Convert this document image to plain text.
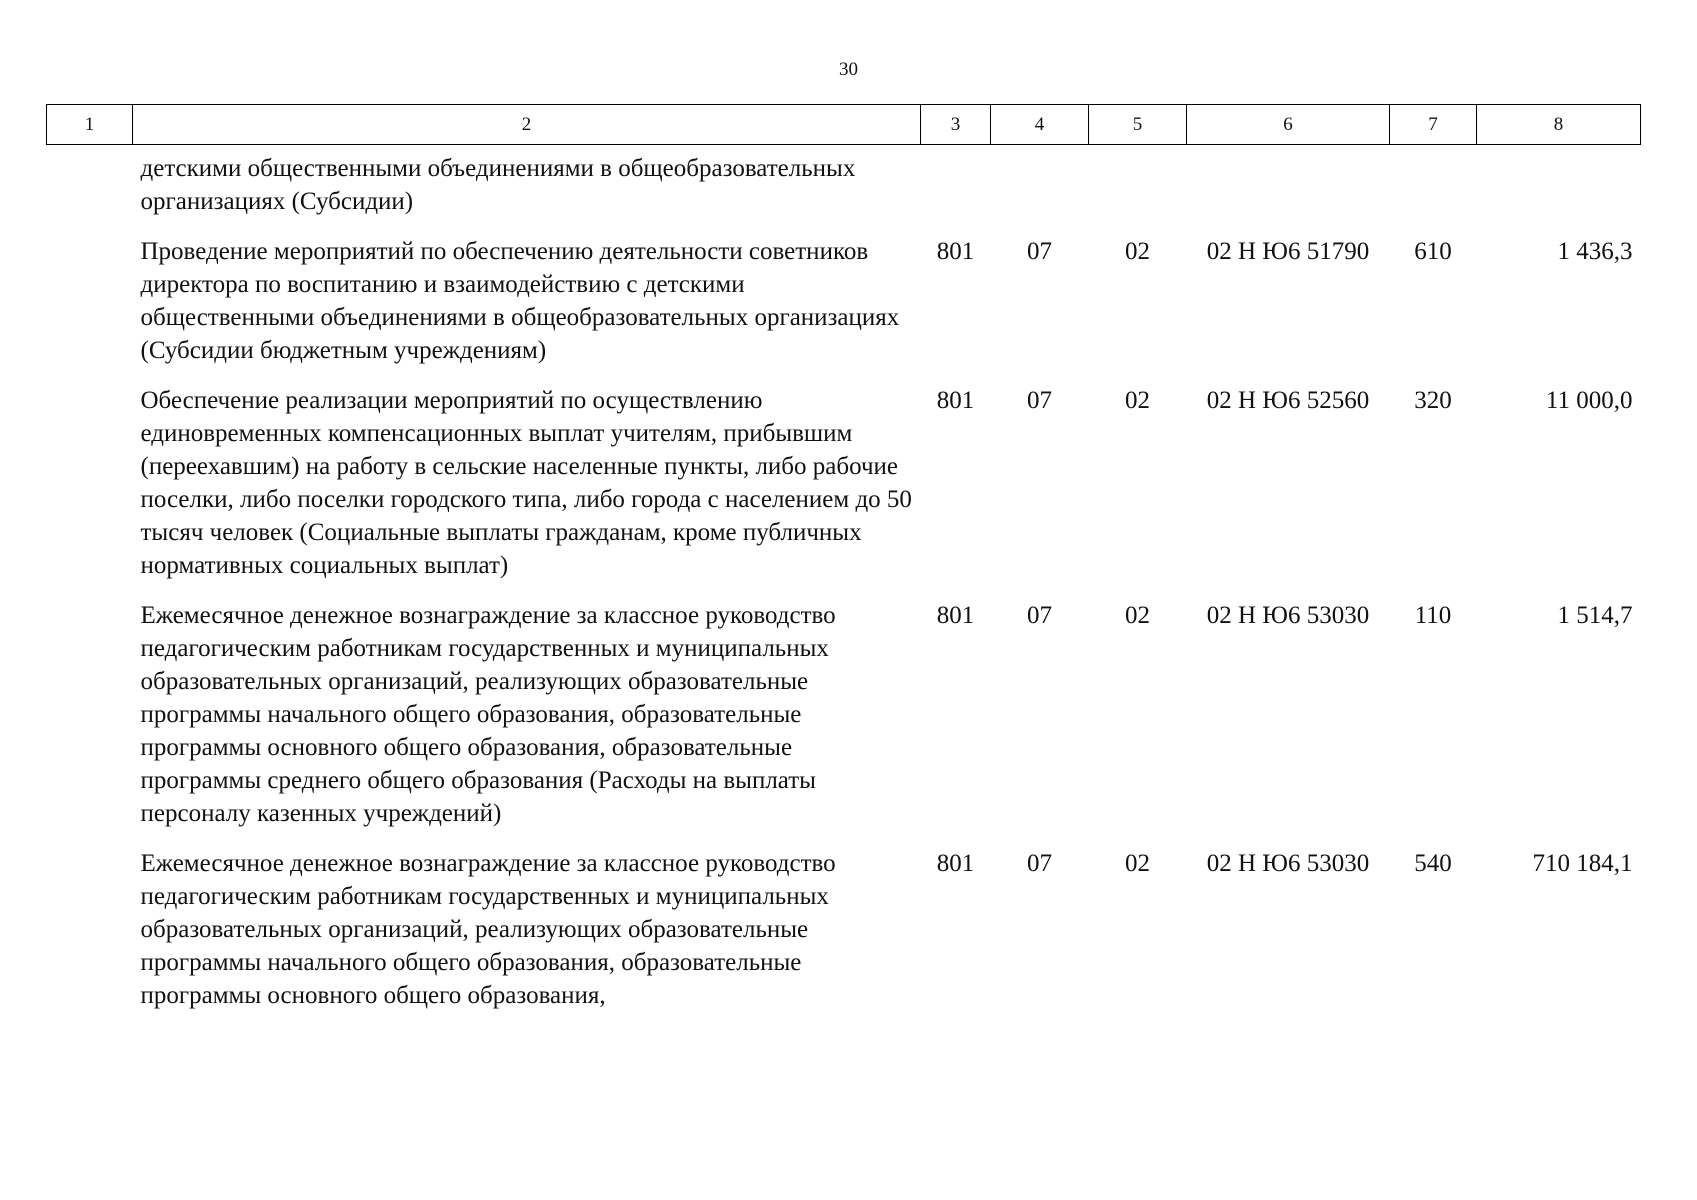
30
1	2	3	4	5	6	7	8
	детскими общественными объединениями в общеобразовательных организациях (Субсидии)						
	Проведение мероприятий по обеспечению деятельности советников директора по воспитанию и взаимодействию с детскими общественными объединениями в общеобразовательных организациях (Субсидии бюджетным учреждениям)	801	07	02	02 Н Ю6 51790	610	1 436,3
	Обеспечение реализации мероприятий по осуществлению единовременных компенсационных выплат учителям, прибывшим (переехавшим) на работу в сельские населенные пункты, либо рабочие поселки, либо поселки городского типа, либо города с населением до 50 тысяч человек (Социальные выплаты гражданам, кроме публичных нормативных социальных выплат)	801	07	02	02 Н Ю6 52560	320	11 000,0
	Ежемесячное денежное вознаграждение за классное руководство педагогическим работникам государственных и муниципальных образовательных организаций, реализующих образовательные программы начального общего образования, образовательные программы основного общего образования, образовательные программы среднего общего образования (Расходы на выплаты персоналу казенных учреждений)	801	07	02	02 Н Ю6 53030	110	1 514,7
	Ежемесячное денежное вознаграждение за классное руководство педагогическим работникам государственных и муниципальных образовательных организаций, реализующих образовательные программы начального общего образования, образовательные программы основного общего образования,	801	07	02	02 Н Ю6 53030	540	710 184,1
